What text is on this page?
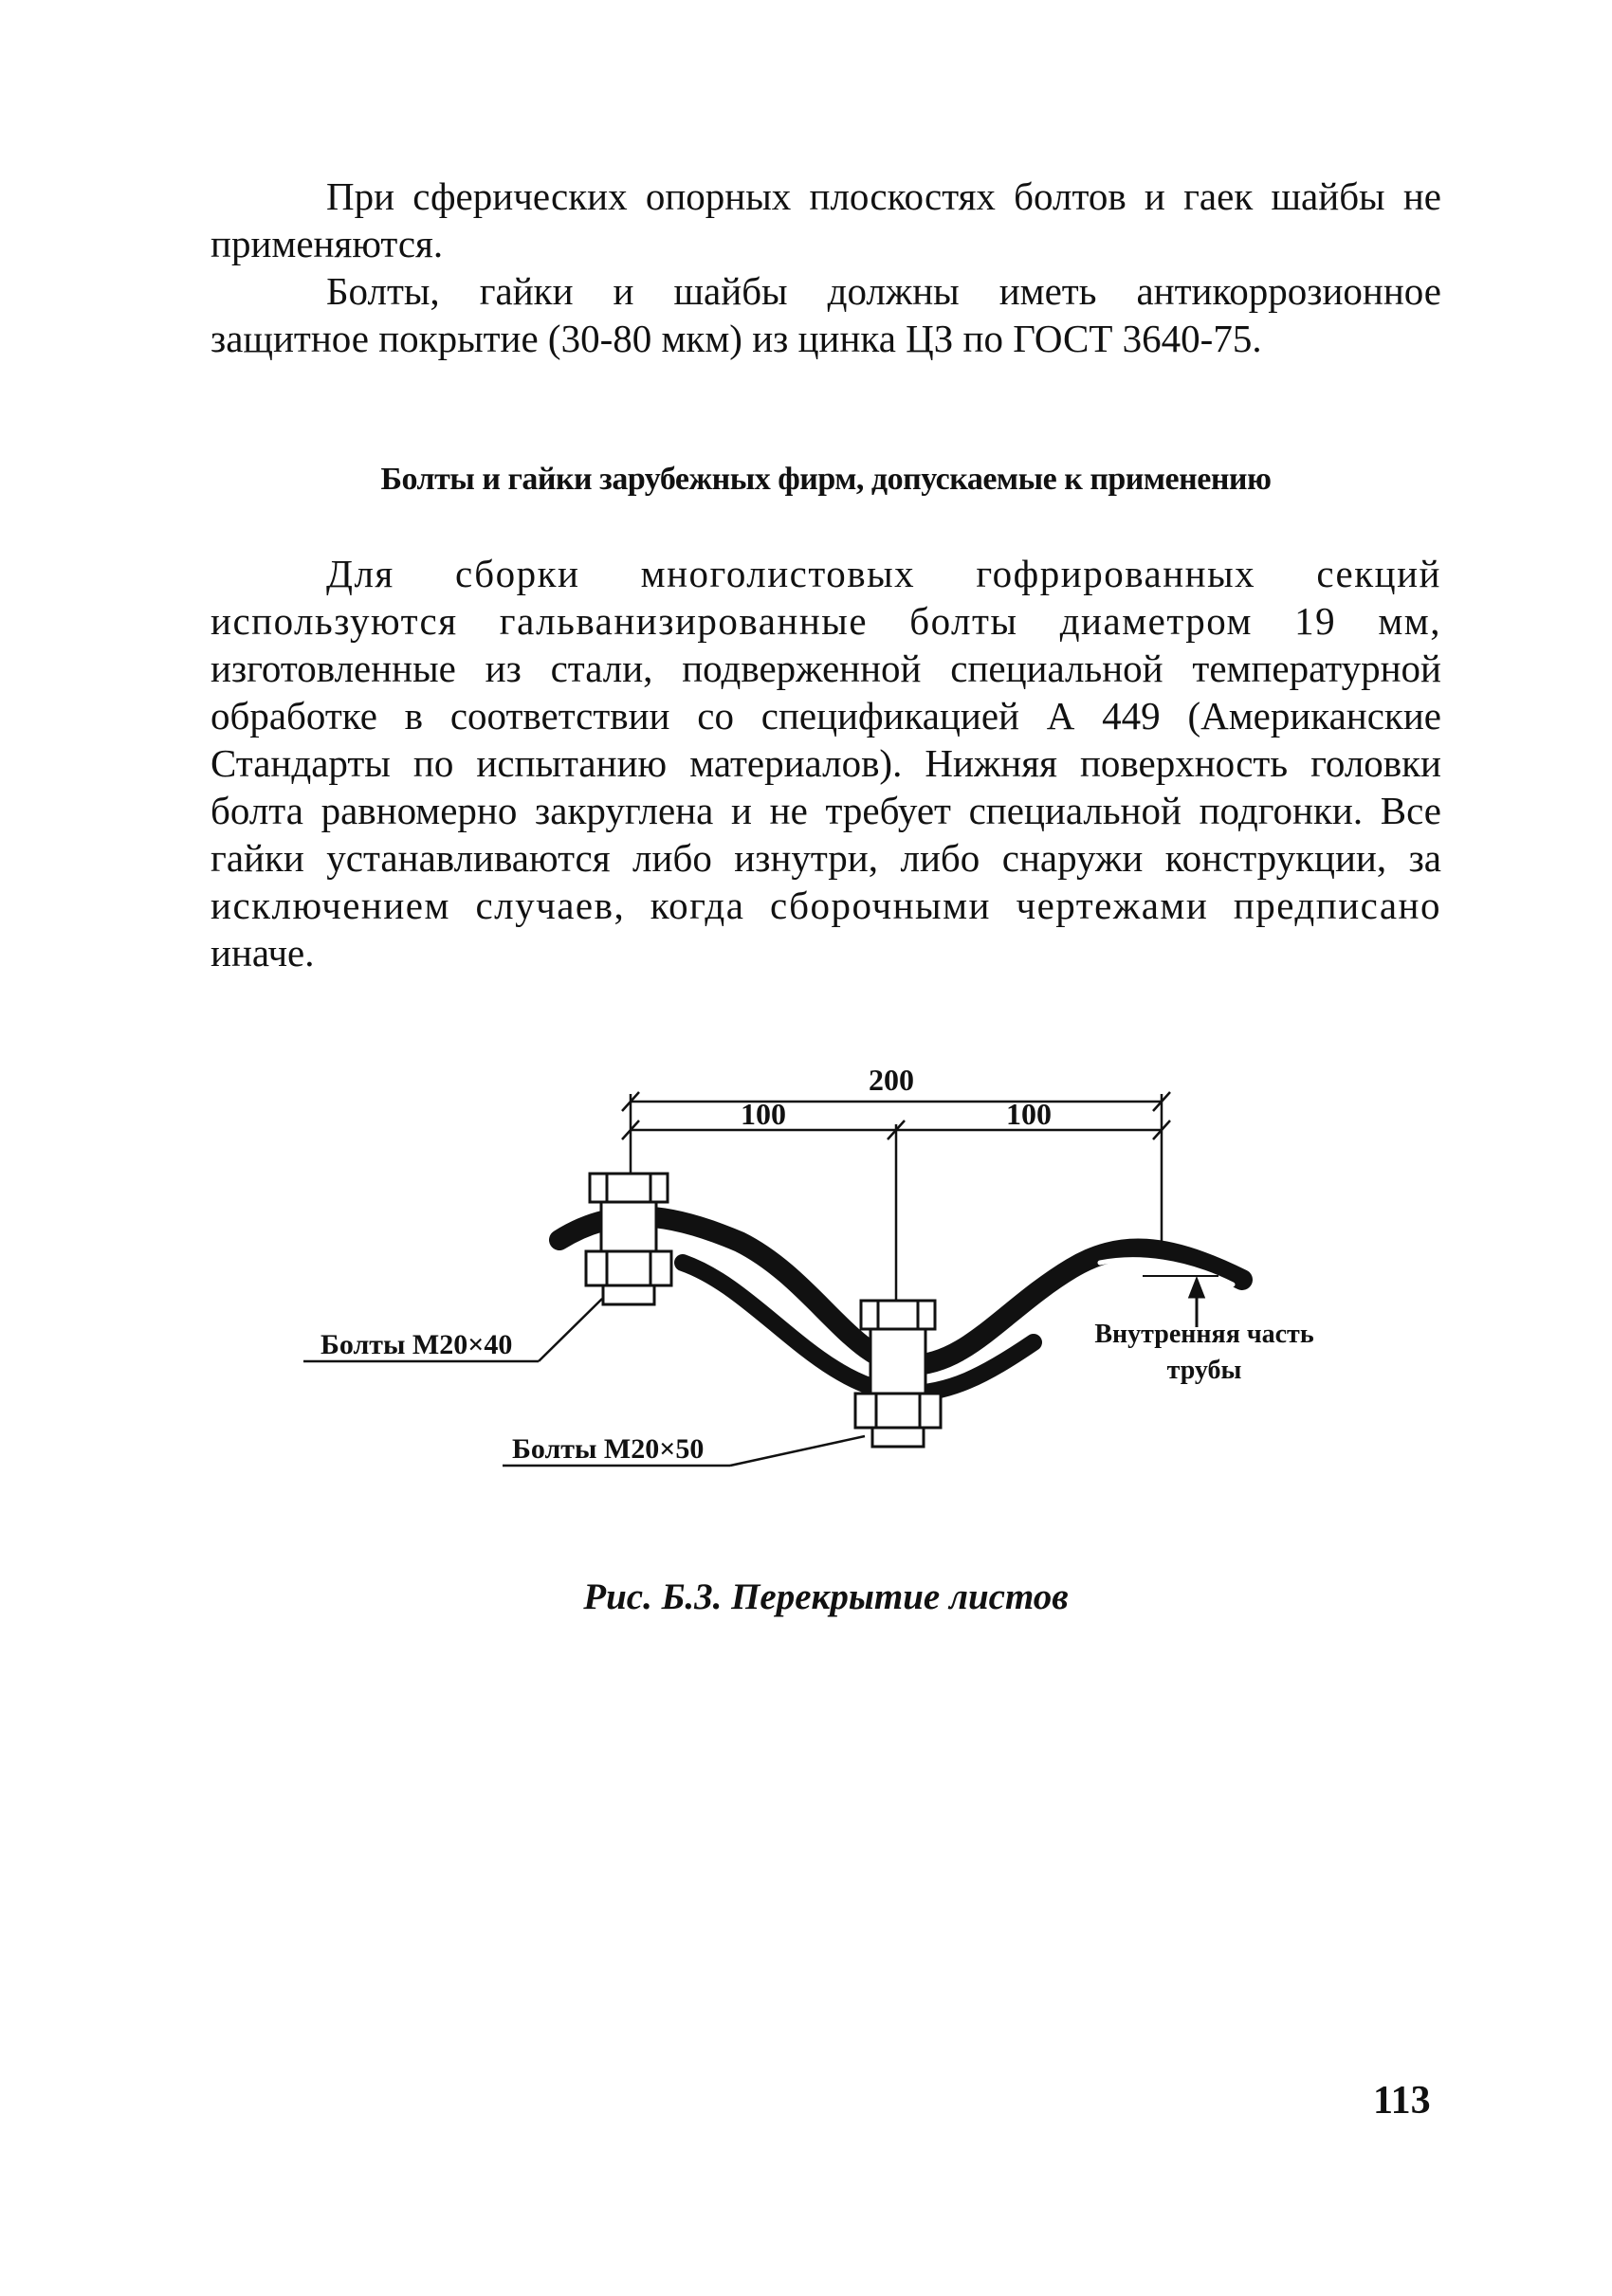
При сферических опорных плоскостях болтов и гаек шайбы не
применяются.
Болты, гайки и шайбы должны иметь антикоррозионное
защитное покрытие (30-80 мкм) из цинка ЦЗ по ГОСТ 3640-75.
Болты и гайки зарубежных фирм, допускаемые к применению
Для сборки многолистовых гофрированных секций
используются гальванизированные болты диаметром 19 мм,
изготовленные из стали, подверженной специальной температурной
обработке в соответствии со спецификацией А 449 (Американские
Стандарты по испытанию материалов). Нижняя поверхность головки
болта равномерно закруглена и не требует специальной подгонки. Все
гайки устанавливаются либо изнутри, либо снаружи конструкции, за
исключением случаев, когда сборочными чертежами предписано
иначе.
200
100	100
Болты М20×40
Болты М20×50
Внутренняя часть
трубы
Рис. Б.3. Перекрытие листов
113
